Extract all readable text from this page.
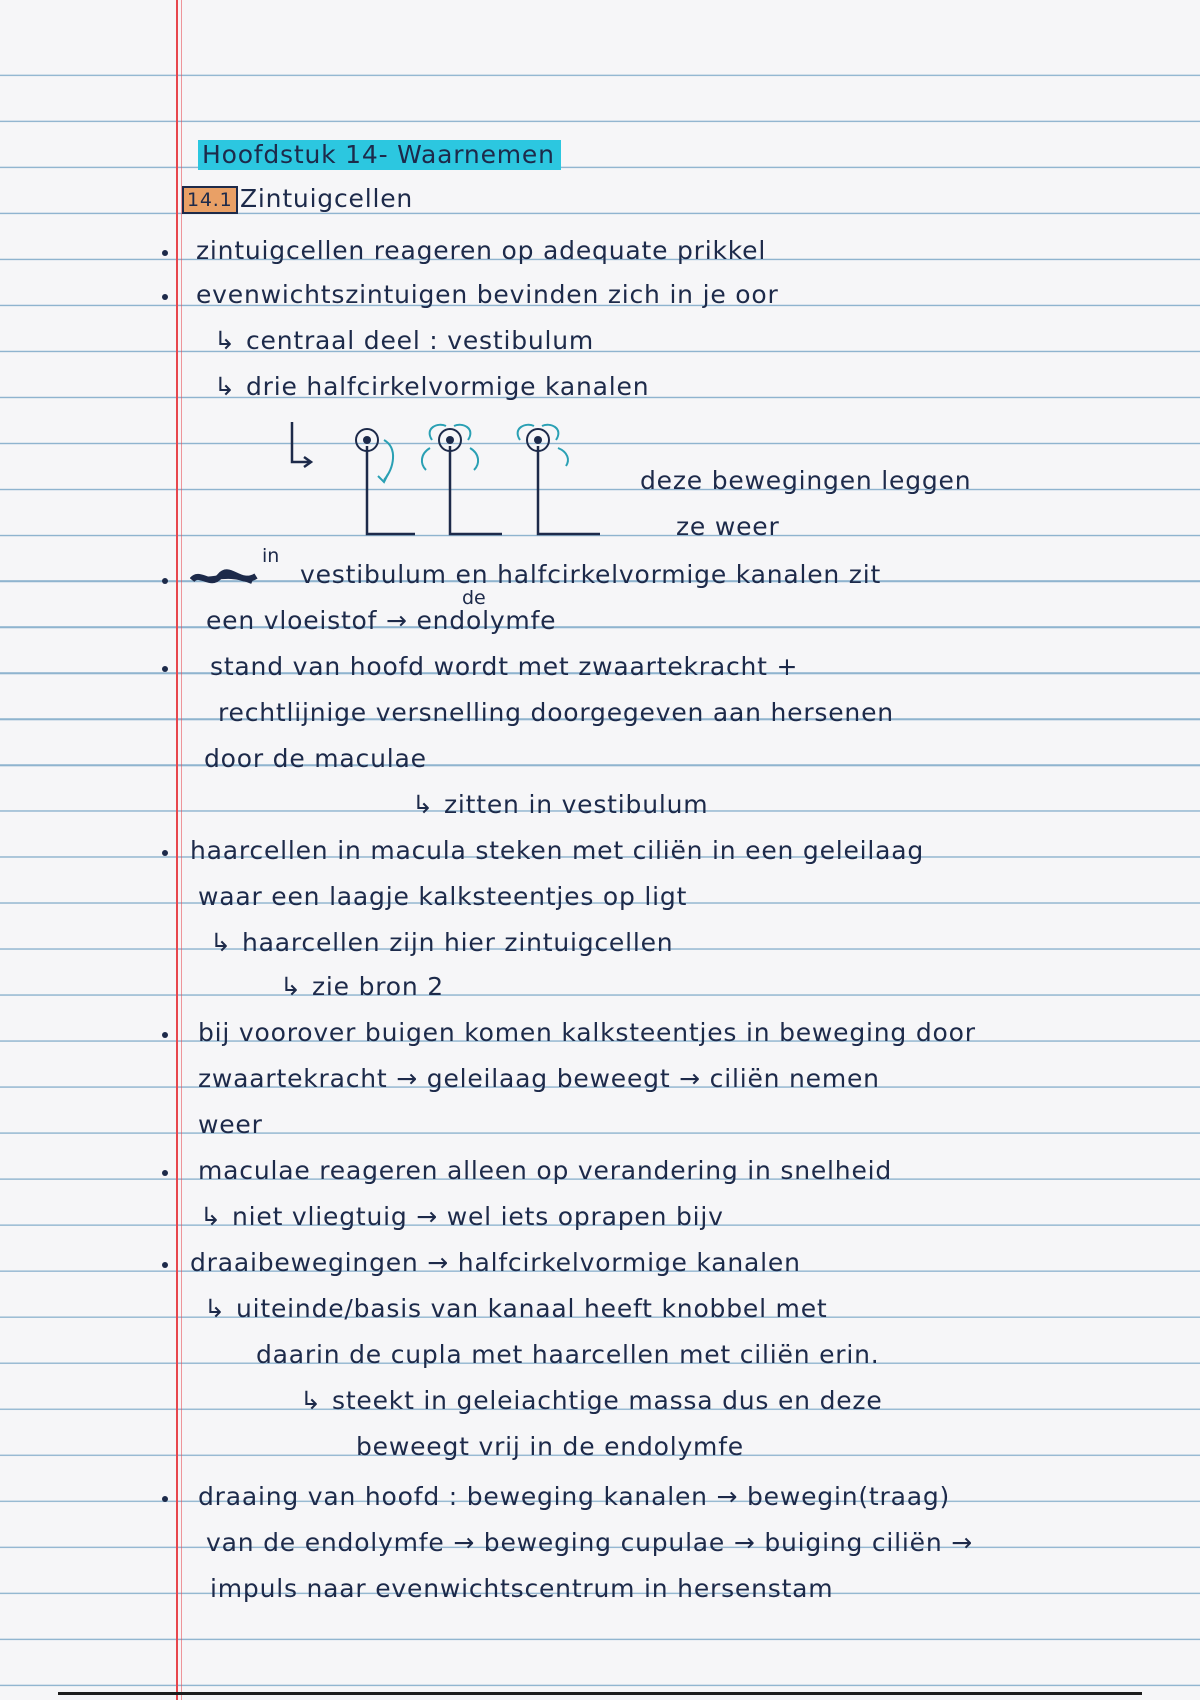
Hoofdstuk 14- Waarnemen
14.1 Zintuigcellen
zintuigcellen reageren op adequate prikkel
evenwichtszintuigen bevinden zich in je oor
↳ centraal deel : vestibulum
↳ drie halfcirkelvormige kanalen
deze bewegingen leggen
ze weer
in
vestibulum en halfcirkelvormige kanalen zit
de
een vloeistof → endolymfe
stand van hoofd wordt met zwaartekracht +
rechtlijnige versnelling doorgegeven aan hersenen
door de maculae
↳ zitten in vestibulum
haarcellen in macula steken met ciliën in een geleilaag
waar een laagje kalksteentjes op ligt
↳ haarcellen zijn hier zintuigcellen
↳ zie bron 2
bij voorover buigen komen kalksteentjes in beweging door
zwaartekracht → geleilaag beweegt → ciliën nemen
weer
maculae reageren alleen op verandering in snelheid
↳ niet vliegtuig → wel iets oprapen bijv
draaibewegingen → halfcirkelvormige kanalen
↳ uiteinde/basis van kanaal heeft knobbel met
daarin de cupla met haarcellen met ciliën erin.
↳ steekt in geleiachtige massa dus en deze
beweegt vrij in de endolymfe
draaing van hoofd : beweging kanalen → bewegin(traag)
van de endolymfe → beweging cupulae → buiging ciliën →
impuls naar evenwichtscentrum in hersenstam
